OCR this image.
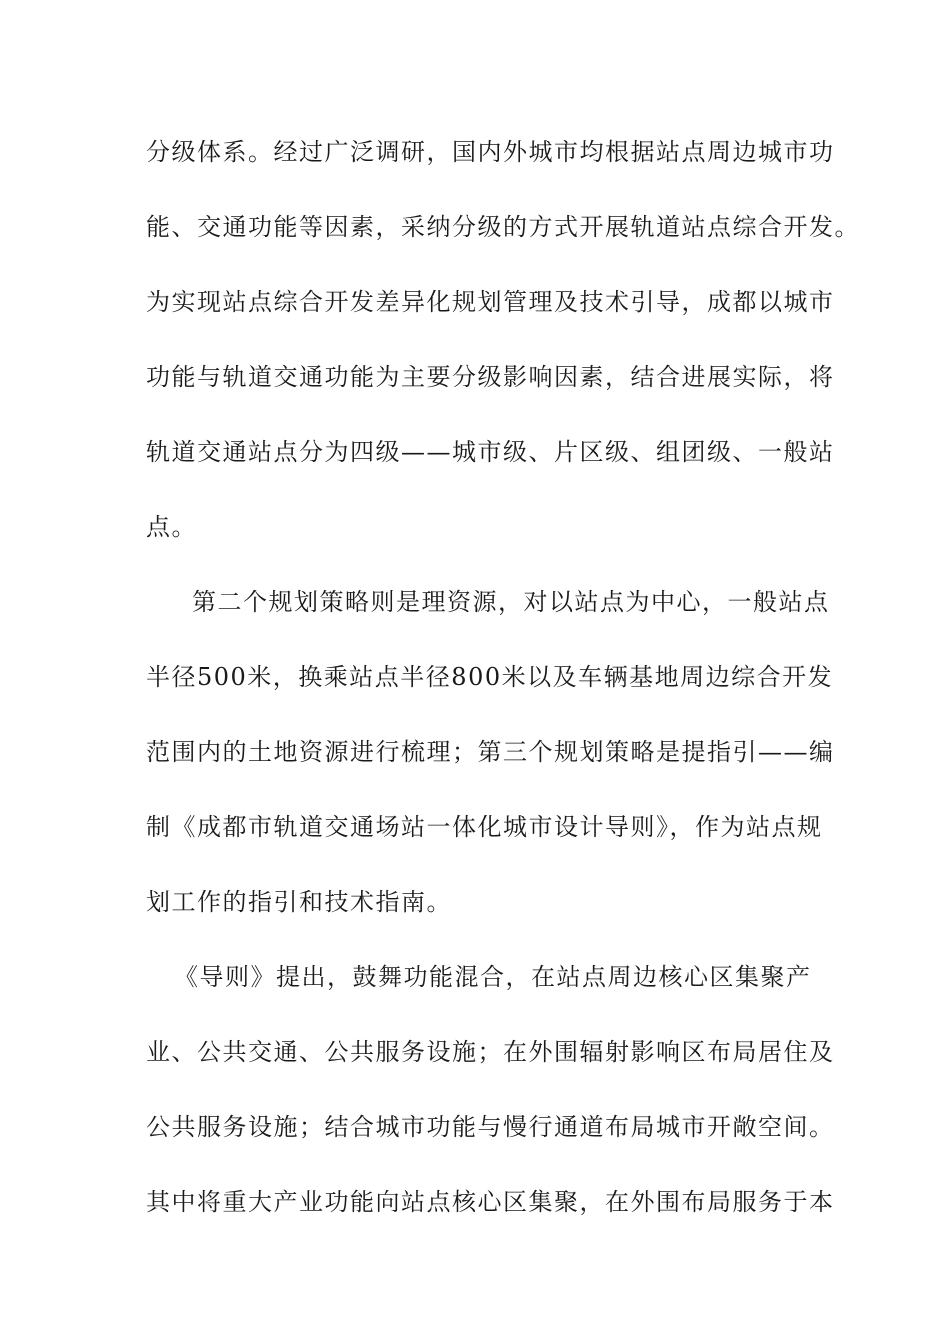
分级体系。经过广泛调研，国内外城市均根据站点周边城市功
能、交通功能等因素，采纳分级的方式开展轨道站点综合开发。
为实现站点综合开发差异化规划管理及技术引导，成都以城市
功能与轨道交通功能为主要分级影响因素，结合进展实际，将
轨道交通站点分为四级——城市级、片区级、组团级、一般站
点。
第二个规划策略则是理资源，对以站点为中心，一般站点
半径500米，换乘站点半径800米以及车辆基地周边综合开发
范围内的土地资源进行梳理；第三个规划策略是提指引——编
制《成都市轨道交通场站一体化城市设计导则》，作为站点规
划工作的指引和技术指南。
《导则》提出，鼓舞功能混合，在站点周边核心区集聚产
业、公共交通、公共服务设施；在外围辐射影响区布局居住及
公共服务设施；结合城市功能与慢行通道布局城市开敞空间。
其中将重大产业功能向站点核心区集聚，在外围布局服务于本
